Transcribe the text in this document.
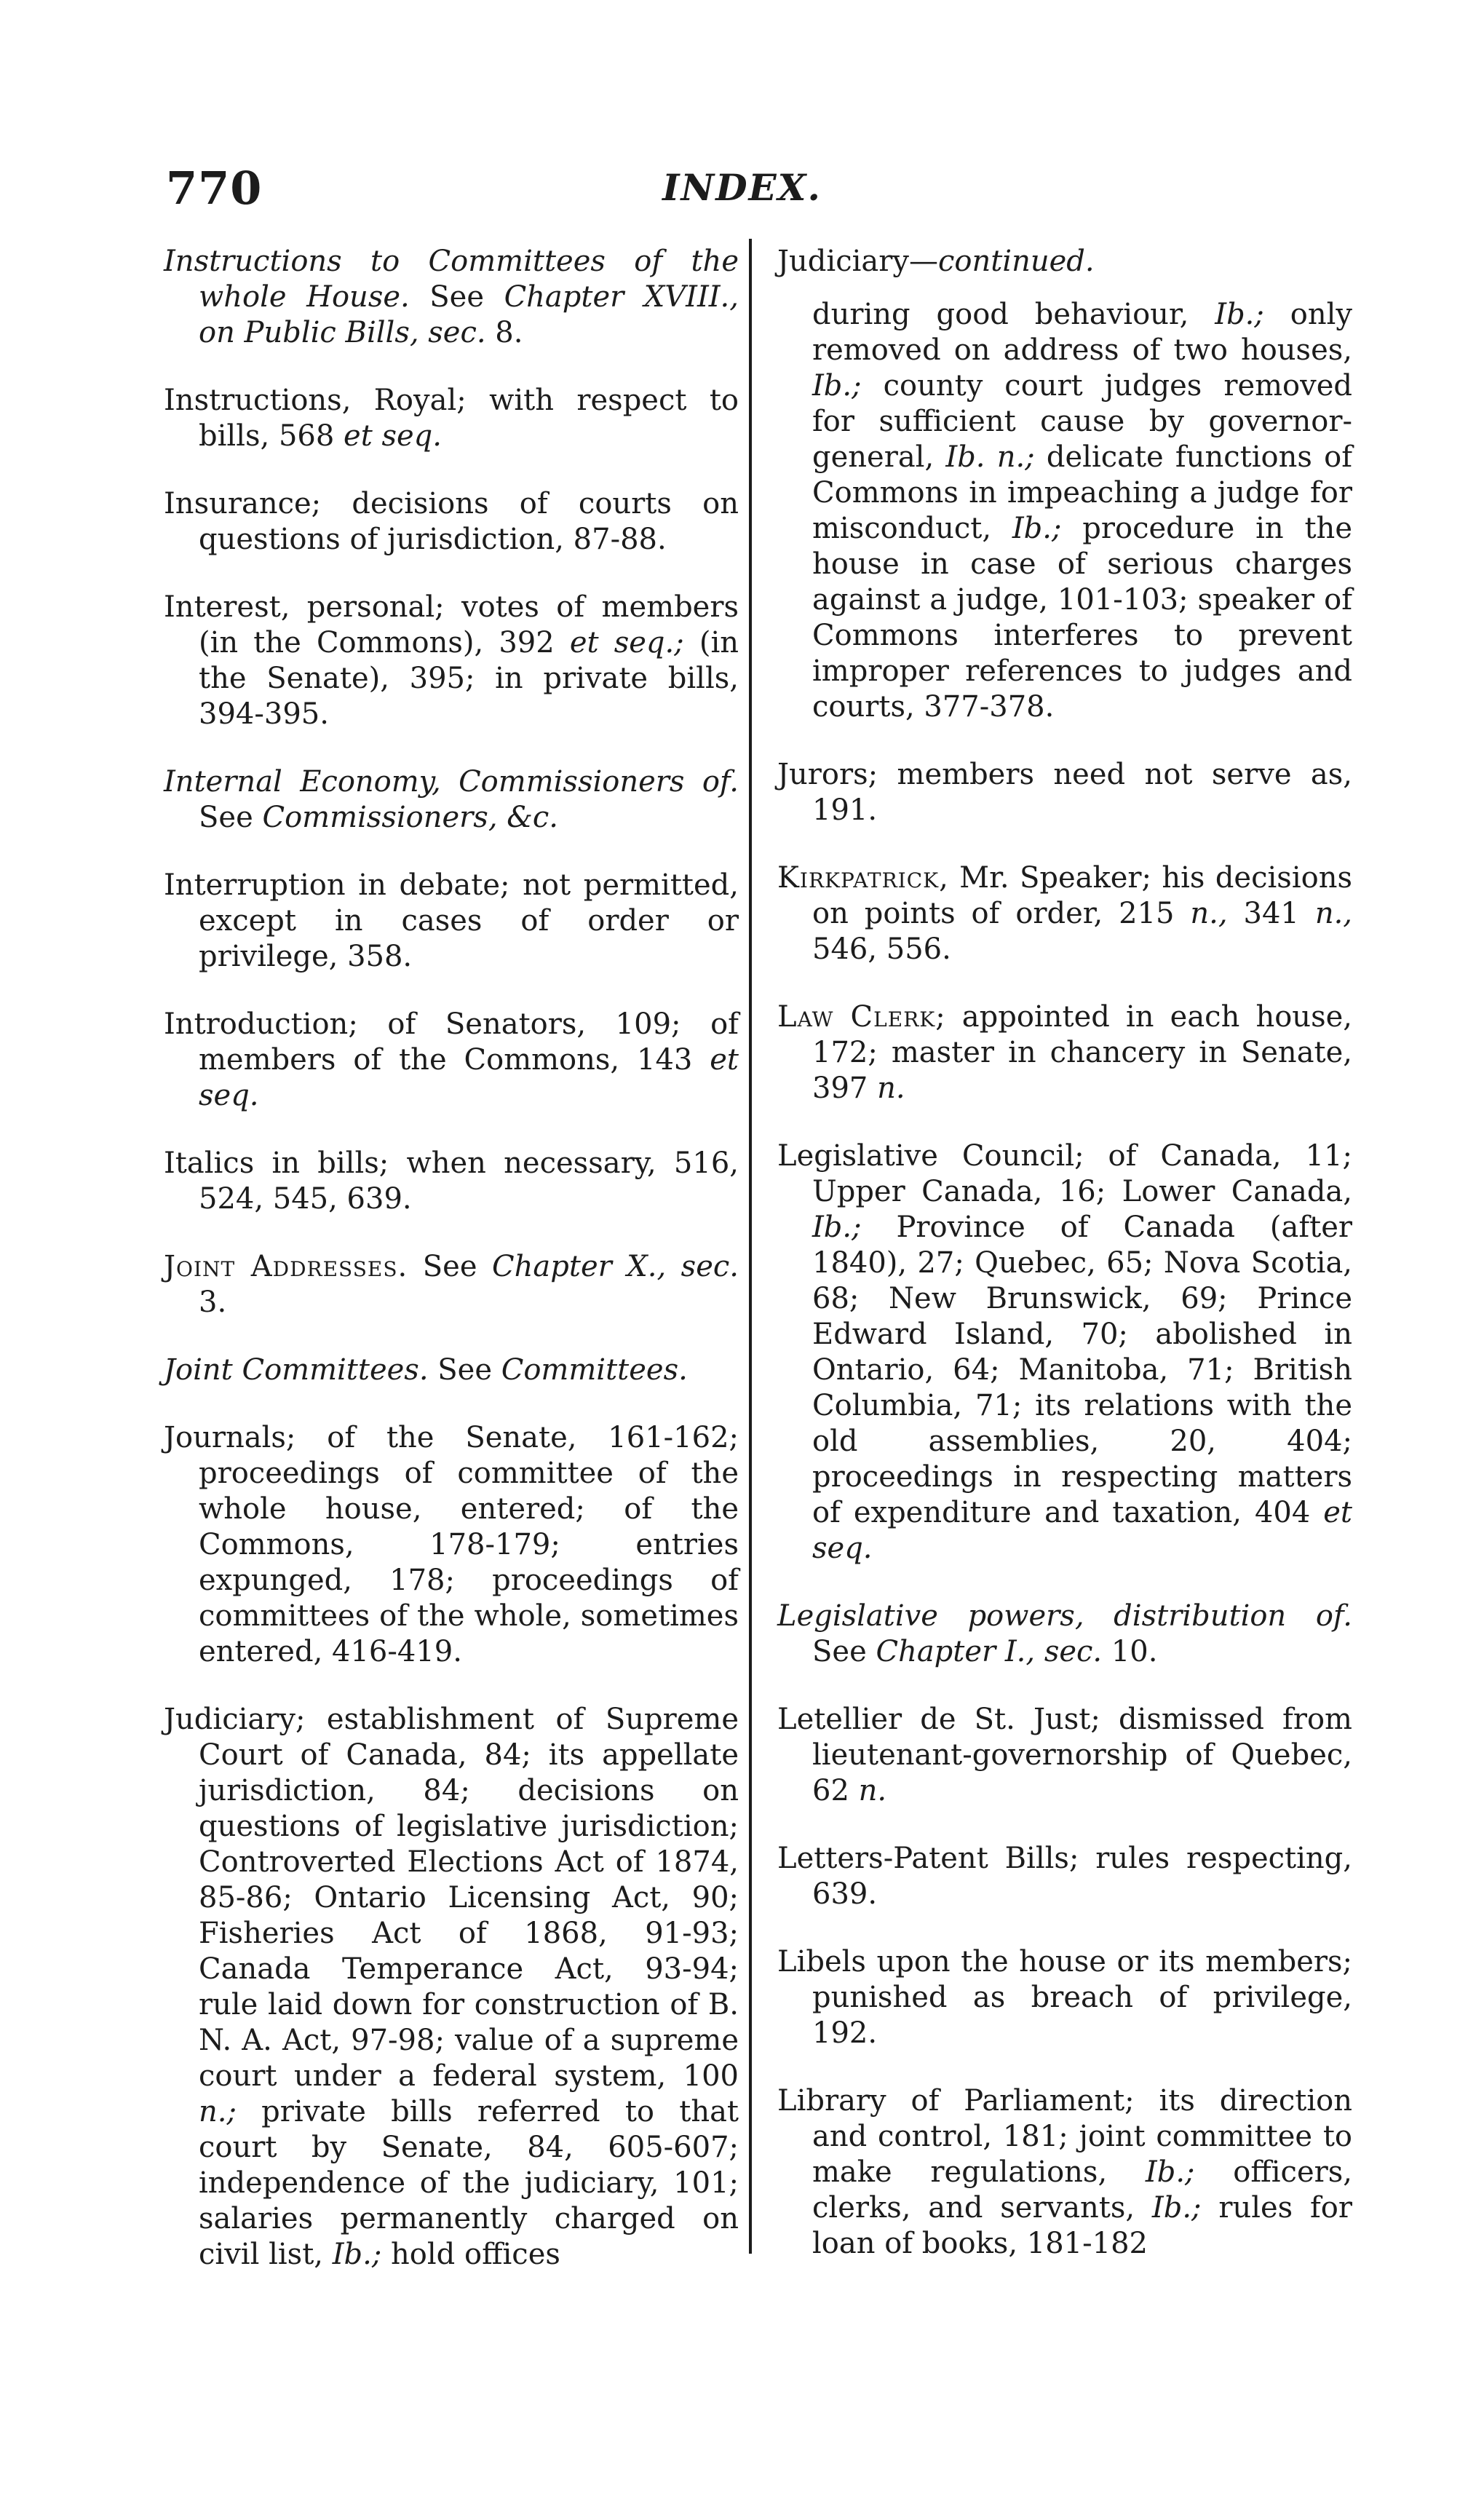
770	INDEX.

Instructions to Committees of the whole House. See Chapter XVIII., on Public Bills, sec. 8.

Instructions, Royal; with respect to bills, 568 et seq.

Insurance; decisions of courts on questions of jurisdiction, 87-88.

Interest, personal; votes of members (in the Commons), 392 et seq.; (in the Senate), 395; in private bills, 394-395.

Internal Economy, Commissioners of. See Commissioners, &c.

Interruption in debate; not permitted, except in cases of order or privilege, 358.

Introduction; of Senators, 109; of members of the Commons, 143 et seq.

Italics in bills; when necessary, 516, 524, 545, 639.

Joint Addresses. See Chapter X., sec. 3.

Joint Committees. See Committees.

Journals; of the Senate, 161-162; proceedings of committee of the whole house, entered; of the Commons, 178-179; entries expunged, 178; proceedings of committees of the whole, sometimes entered, 416-419.

Judiciary; establishment of Supreme Court of Canada, 84; its appellate jurisdiction, 84; decisions on questions of legislative jurisdiction; Controverted Elections Act of 1874, 85-86; Ontario Licensing Act, 90; Fisheries Act of 1868, 91-93; Canada Temperance Act, 93-94; rule laid down for construction of B. N. A. Act, 97-98; value of a supreme court under a federal system, 100 n.; private bills referred to that court by Senate, 84, 605-607; independence of the judiciary, 101; salaries permanently charged on civil list, Ib.; hold offices

Judiciary—continued.

during good behaviour, Ib.; only removed on address of two houses, Ib.; county court judges removed for sufficient cause by governor-general, Ib. n.; delicate functions of Commons in impeaching a judge for misconduct, Ib.; procedure in the house in case of serious charges against a judge, 101-103; speaker of Commons interferes to prevent improper references to judges and courts, 377-378.

Jurors; members need not serve as, 191.

Kirkpatrick, Mr. Speaker; his decisions on points of order, 215 n., 341 n., 546, 556.

Law Clerk; appointed in each house, 172; master in chancery in Senate, 397 n.

Legislative Council; of Canada, 11; Upper Canada, 16; Lower Canada, Ib.; Province of Canada (after 1840), 27; Quebec, 65; Nova Scotia, 68; New Brunswick, 69; Prince Edward Island, 70; abolished in Ontario, 64; Manitoba, 71; British Columbia, 71; its relations with the old assemblies, 20, 404; proceedings in respecting matters of expenditure and taxation, 404 et seq.

Legislative powers, distribution of. See Chapter I., sec. 10.

Letellier de St. Just; dismissed from lieutenant-governorship of Quebec, 62 n.

Letters-Patent Bills; rules respecting, 639.

Libels upon the house or its members; punished as breach of privilege, 192.

Library of Parliament; its direction and control, 181; joint committee to make regulations, Ib.; officers, clerks, and servants, Ib.; rules for loan of books, 181-182
